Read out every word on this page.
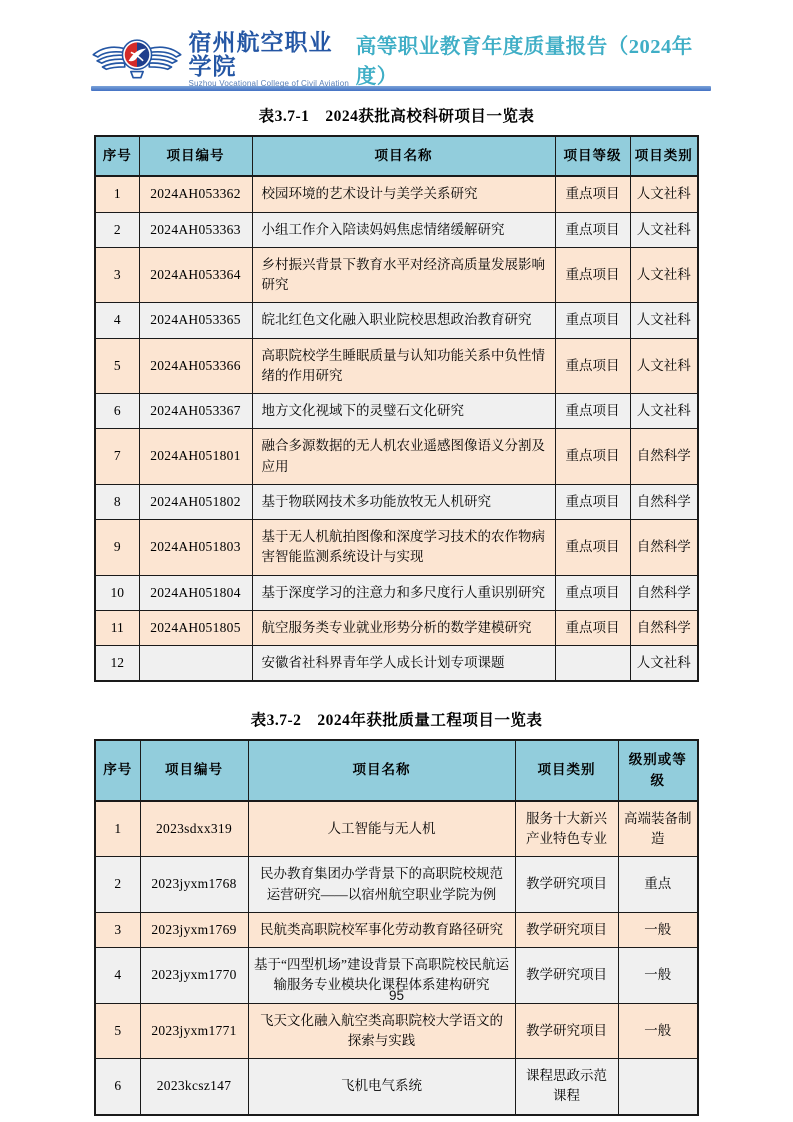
宿州航空职业学院
Suzhou Vocational College of Civil Aviation
高等职业教育年度质量报告（2024年度）
表3.7-1　2024获批高校科研项目一览表
序号	项目编号	项目名称	项目等级	项目类别
1	2024AH053362	校园环境的艺术设计与美学关系研究	重点项目	人文社科
2	2024AH053363	小组工作介入陪读妈妈焦虑情绪缓解研究	重点项目	人文社科
3	2024AH053364	乡村振兴背景下教育水平对经济高质量发展影响研究	重点项目	人文社科
4	2024AH053365	皖北红色文化融入职业院校思想政治教育研究	重点项目	人文社科
5	2024AH053366	高职院校学生睡眠质量与认知功能关系中负性情绪的作用研究	重点项目	人文社科
6	2024AH053367	地方文化视域下的灵璧石文化研究	重点项目	人文社科
7	2024AH051801	融合多源数据的无人机农业遥感图像语义分割及应用	重点项目	自然科学
8	2024AH051802	基于物联网技术多功能放牧无人机研究	重点项目	自然科学
9	2024AH051803	基于无人机航拍图像和深度学习技术的农作物病害智能监测系统设计与实现	重点项目	自然科学
10	2024AH051804	基于深度学习的注意力和多尺度行人重识别研究	重点项目	自然科学
11	2024AH051805	航空服务类专业就业形势分析的数学建模研究	重点项目	自然科学
12		安徽省社科界青年学人成长计划专项课题		人文社科
表3.7-2　2024年获批质量工程项目一览表
序号	项目编号	项目名称	项目类别	级别或等级
1	2023sdxx319	人工智能与无人机	服务十大新兴产业特色专业	高端装备制造
2	2023jyxm1768	民办教育集团办学背景下的高职院校规范运营研究——以宿州航空职业学院为例	教学研究项目	重点
3	2023jyxm1769	民航类高职院校军事化劳动教育路径研究	教学研究项目	一般
4	2023jyxm1770	基于“四型机场”建设背景下高职院校民航运输服务专业模块化课程体系建构研究	教学研究项目	一般
5	2023jyxm1771	飞天文化融入航空类高职院校大学语文的探索与实践	教学研究项目	一般
6	2023kcsz147	飞机电气系统	课程思政示范课程	
95
